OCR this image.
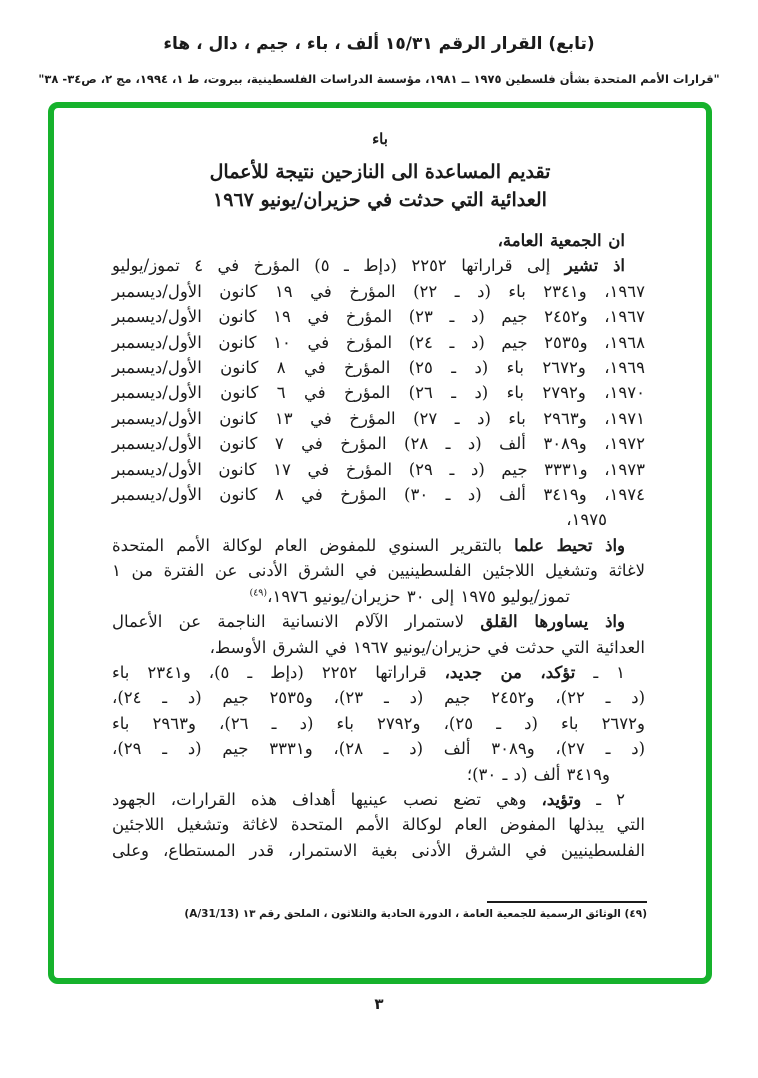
(تابع) القرار الرقم ١٥/٣١ ألف ، باء ، جيم ، دال ، هاء
"قرارات الأمم المتحدة بشأن فلسطين ١٩٧٥ ــ ١٩٨١، مؤسسة الدراسات الفلسطينية، بيروت، ط ١، ١٩٩٤، مج ٢، ص٣٤- ٣٨"
باء
تقديم المساعدة الى النازحين نتيجة للأعمال
العدائية التي حدثت في حزيران/يونيو ١٩٦٧
ان الجمعية العامة،
اذ تشير إلى قراراتها ٢٢٥٢ (دإط ـ ٥) المؤرخ في ٤ تموز/يوليو
١٩٦٧، و٢٣٤١ باء (د ـ ٢٢) المؤرخ في ١٩ كانون الأول/ديسمبر
١٩٦٧، و٢٤٥٢ جيم (د ـ ٢٣) المؤرخ في ١٩ كانون الأول/ديسمبر
١٩٦٨، و٢٥٣٥ جيم (د ـ ٢٤) المؤرخ في ١٠ كانون الأول/ديسمبر
١٩٦٩، و٢٦٧٢ باء (د ـ ٢٥) المؤرخ في ٨ كانون الأول/ديسمبر
١٩٧٠، و٢٧٩٢ باء (د ـ ٢٦) المؤرخ في ٦ كانون الأول/ديسمبر
١٩٧١، و٢٩٦٣ باء (د ـ ٢٧) المؤرخ في ١٣ كانون الأول/ديسمبر
١٩٧٢، و٣٠٨٩ ألف (د ـ ٢٨) المؤرخ في ٧ كانون الأول/ديسمبر
١٩٧٣، و٣٣٣١ جيم (د ـ ٢٩) المؤرخ في ١٧ كانون الأول/ديسمبر
١٩٧٤، و٣٤١٩ ألف (د ـ ٣٠) المؤرخ في ٨ كانون الأول/ديسمبر
١٩٧٥،
واذ تحيط علما بالتقرير السنوي للمفوض العام لوكالة الأمم المتحدة
لاغاثة وتشغيل اللاجئين الفلسطينيين في الشرق الأدنى عن الفترة من ١
تموز/يوليو ١٩٧٥ إلى ٣٠ حزيران/يونيو ١٩٧٦،$^{(٤٩)}$
واذ يساورها القلق لاستمرار الآلام الانسانية الناجمة عن الأعمال
العدائية التي حدثت في حزيران/يونيو ١٩٦٧ في الشرق الأوسط،
١ ـ تؤكد، من جديد، قراراتها ٢٢٥٢ (دإط ـ ٥)، و٢٣٤١ باء
(د ـ ٢٢)، و٢٤٥٢ جيم (د ـ ٢٣)، و٢٥٣٥ جيم (د ـ ٢٤)،
و٢٦٧٢ باء (د ـ ٢٥)، و٢٧٩٢ باء (د ـ ٢٦)، و٢٩٦٣ باء
(د ـ ٢٧)، و٣٠٨٩ ألف (د ـ ٢٨)، و٣٣٣١ جيم (د ـ ٢٩)،
و٣٤١٩ ألف (د ـ ٣٠)؛
٢ ـ وتؤيد، وهي تضع نصب عينيها أهداف هذه القرارات، الجهود
التي يبذلها المفوض العام لوكالة الأمم المتحدة لاغاثة وتشغيل اللاجئين
الفلسطينيين في الشرق الأدنى بغية الاستمرار، قدر المستطاع، وعلى
(٤٩) الوثائق الرسمية للجمعية العامة ، الدورة الحادية والثلاثون ، الملحق رقم ١٣ (A/31/13)
٣
